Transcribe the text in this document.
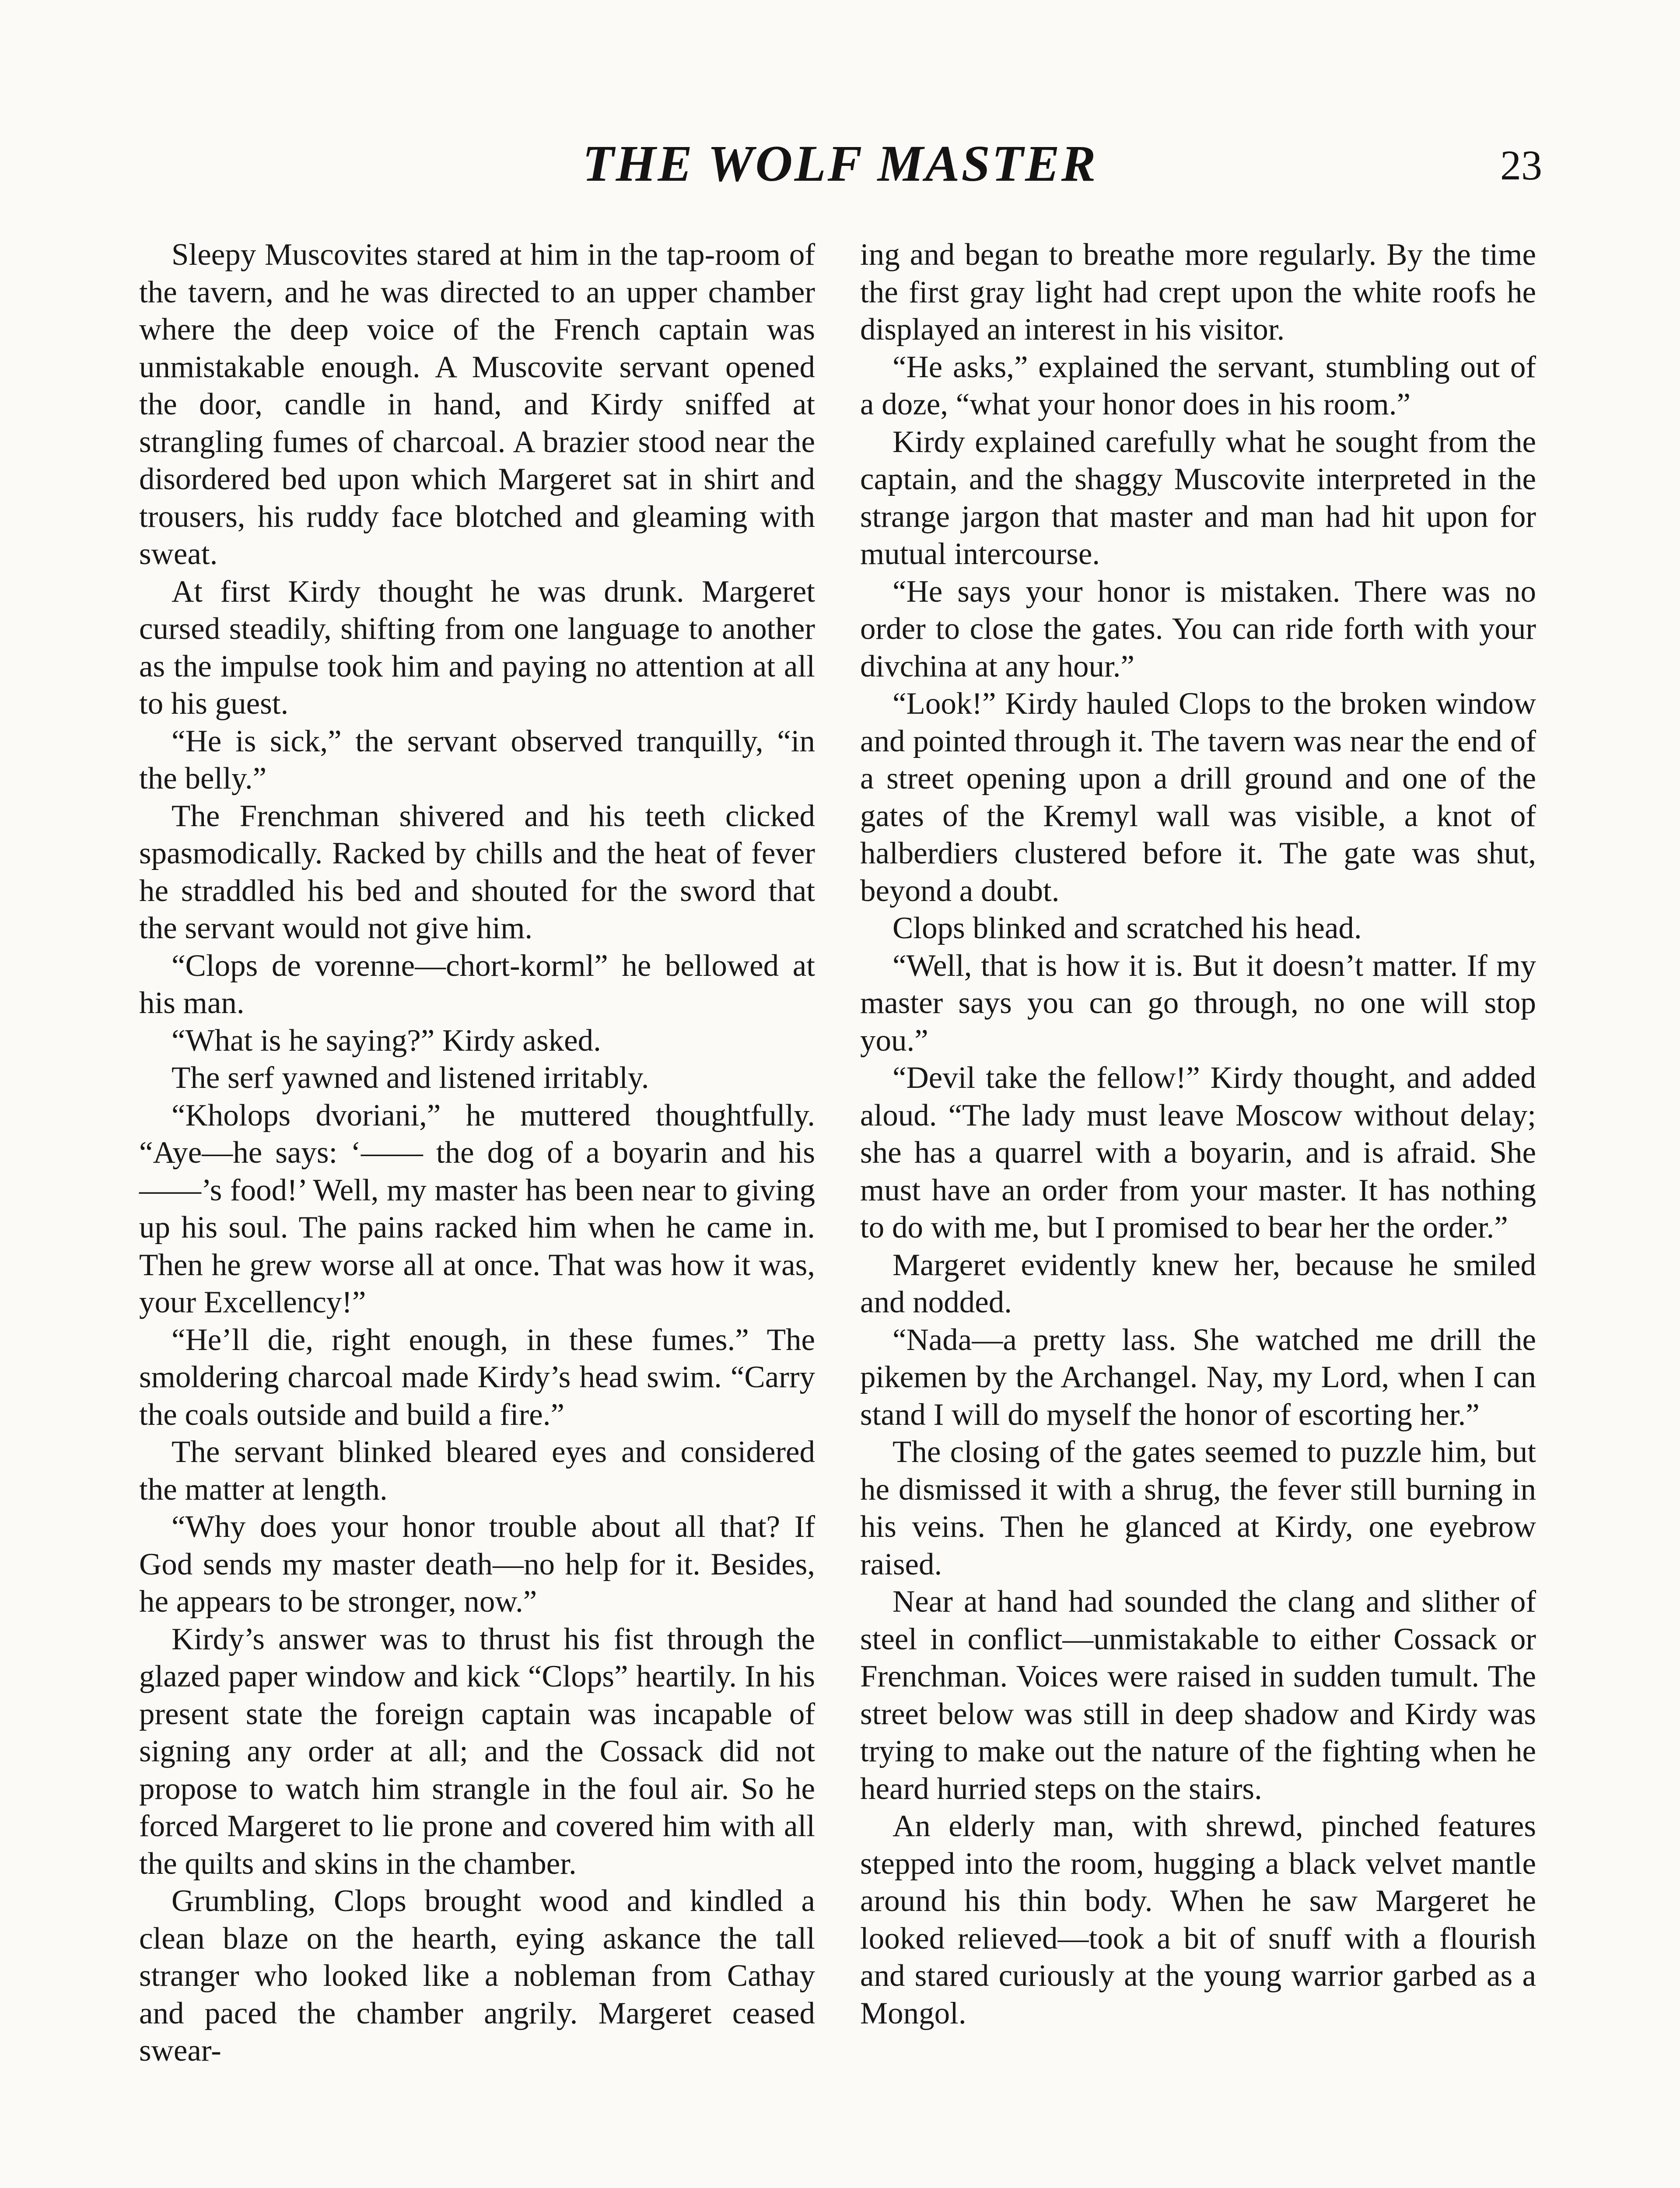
THE WOLF MASTER	23

Sleepy Muscovites stared at him in the tap-room of the tavern, and he was directed to an upper chamber where the deep voice of the French captain was unmistakable enough. A Muscovite servant opened the door, candle in hand, and Kirdy sniffed at strangling fumes of charcoal. A brazier stood near the disordered bed upon which Margeret sat in shirt and trousers, his ruddy face blotched and gleaming with sweat.

At first Kirdy thought he was drunk. Margeret cursed steadily, shifting from one language to another as the impulse took him and paying no attention at all to his guest.

“He is sick,” the servant observed tranquilly, “in the belly.”

The Frenchman shivered and his teeth clicked spasmodically. Racked by chills and the heat of fever he straddled his bed and shouted for the sword that the servant would not give him.

“Clops de vorenne—chort-korml” he bellowed at his man.

“What is he saying?” Kirdy asked.

The serf yawned and listened irritably.

“Kholops dvoriani,” he muttered thoughtfully. “Aye—he says: ‘—— the dog of a boyarin and his ——’s food!’ Well, my master has been near to giving up his soul. The pains racked him when he came in. Then he grew worse all at once. That was how it was, your Excellency!”

“He’ll die, right enough, in these fumes.” The smoldering charcoal made Kirdy’s head swim. “Carry the coals outside and build a fire.”

The servant blinked bleared eyes and considered the matter at length.

“Why does your honor trouble about all that? If God sends my master death—no help for it. Besides, he appears to be stronger, now.”

Kirdy’s answer was to thrust his fist through the glazed paper window and kick “Clops” heartily. In his present state the foreign captain was incapable of signing any order at all; and the Cossack did not propose to watch him strangle in the foul air. So he forced Margeret to lie prone and covered him with all the quilts and skins in the chamber.

Grumbling, Clops brought wood and kindled a clean blaze on the hearth, eying askance the tall stranger who looked like a nobleman from Cathay and paced the chamber angrily. Margeret ceased swear-

ing and began to breathe more regularly. By the time the first gray light had crept upon the white roofs he displayed an interest in his visitor.

“He asks,” explained the servant, stumbling out of a doze, “what your honor does in his room.”

Kirdy explained carefully what he sought from the captain, and the shaggy Muscovite interpreted in the strange jargon that master and man had hit upon for mutual intercourse.

“He says your honor is mistaken. There was no order to close the gates. You can ride forth with your divchina at any hour.”

“Look!” Kirdy hauled Clops to the broken window and pointed through it. The tavern was near the end of a street opening upon a drill ground and one of the gates of the Kremyl wall was visible, a knot of halberdiers clustered before it. The gate was shut, beyond a doubt.

Clops blinked and scratched his head.

“Well, that is how it is. But it doesn’t matter. If my master says you can go through, no one will stop you.”

“Devil take the fellow!” Kirdy thought, and added aloud. “The lady must leave Moscow without delay; she has a quarrel with a boyarin, and is afraid. She must have an order from your master. It has nothing to do with me, but I promised to bear her the order.”

Margeret evidently knew her, because he smiled and nodded.

“Nada—a pretty lass. She watched me drill the pikemen by the Archangel. Nay, my Lord, when I can stand I will do myself the honor of escorting her.”

The closing of the gates seemed to puzzle him, but he dismissed it with a shrug, the fever still burning in his veins. Then he glanced at Kirdy, one eyebrow raised.

Near at hand had sounded the clang and slither of steel in conflict—unmistakable to either Cossack or Frenchman. Voices were raised in sudden tumult. The street below was still in deep shadow and Kirdy was trying to make out the nature of the fighting when he heard hurried steps on the stairs.

An elderly man, with shrewd, pinched features stepped into the room, hugging a black velvet mantle around his thin body. When he saw Margeret he looked relieved—took a bit of snuff with a flourish and stared curiously at the young warrior garbed as a Mongol.
